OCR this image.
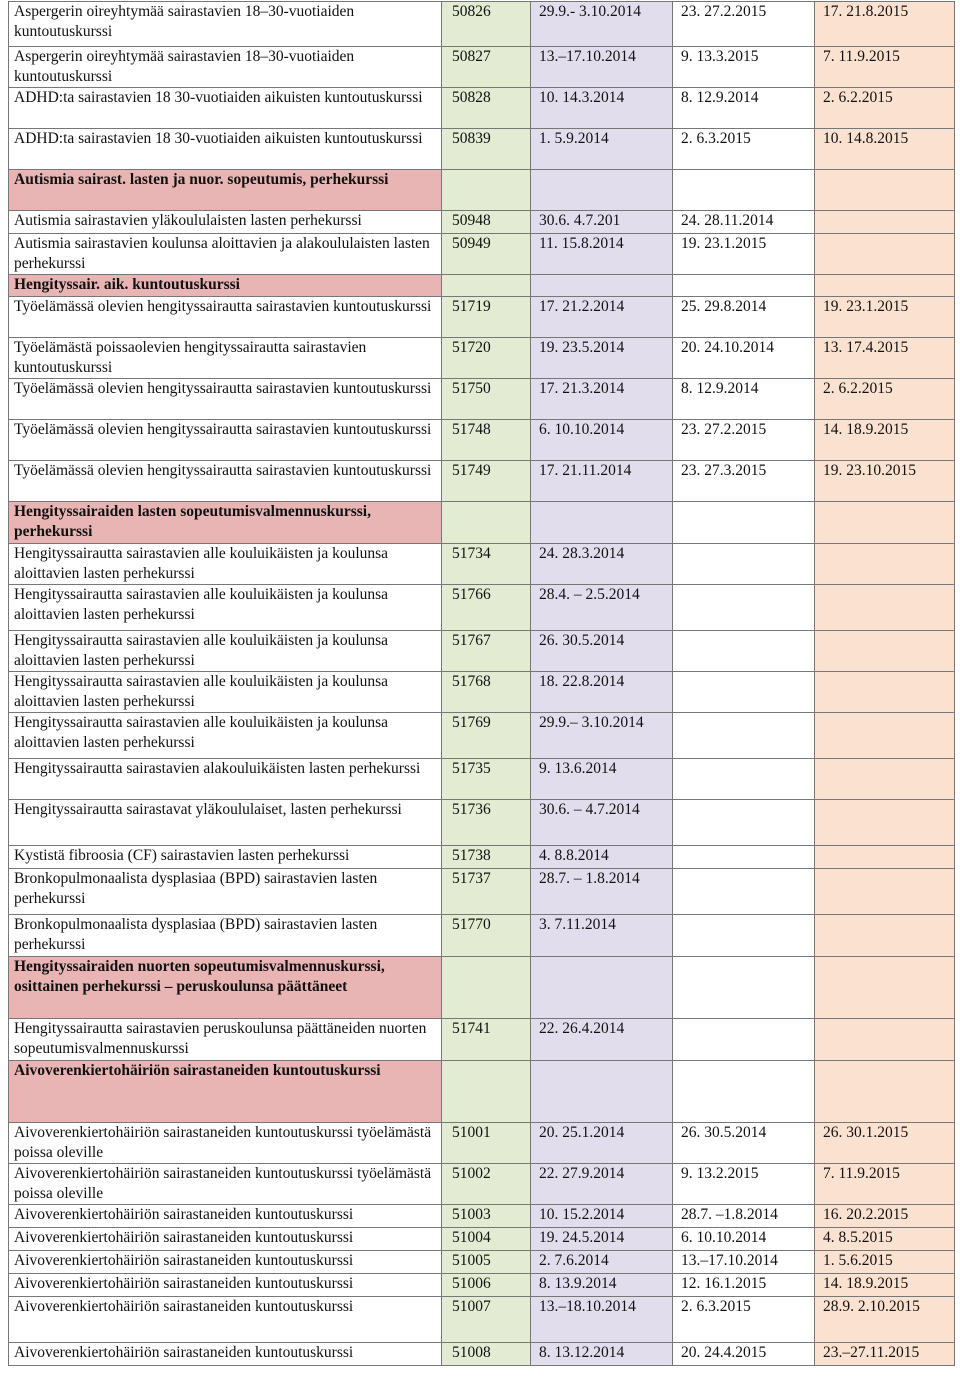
Aspergerin oireyhtymää sairastavien 18–30-vuotiaiden kuntoutuskurssi	50826	29.9.- 3.10.2014	23. 27.2.2015	17. 21.8.2015
Aspergerin oireyhtymää sairastavien 18–30-vuotiaiden kuntoutuskurssi	50827	13.–17.10.2014	9. 13.3.2015	7. 11.9.2015
ADHD:ta sairastavien 18 30-vuotiaiden aikuisten kuntoutuskurssi	50828	10. 14.3.2014	8. 12.9.2014	2. 6.2.2015
ADHD:ta sairastavien 18 30-vuotiaiden aikuisten kuntoutuskurssi	50839	1. 5.9.2014	2. 6.3.2015	10. 14.8.2015
Autismia sairast. lasten ja nuor. sopeutumis, perhekurssi				
Autismia sairastavien yläkoululaisten lasten perhekurssi	50948	30.6. 4.7.201	24. 28.11.2014	
Autismia sairastavien koulunsa aloittavien ja alakoululaisten lasten perhekurssi	50949	11. 15.8.2014	19. 23.1.2015	
Hengityssair. aik. kuntoutuskurssi				
Työelämässä olevien hengityssairautta sairastavien kuntoutuskurssi	51719	17. 21.2.2014	25. 29.8.2014	19. 23.1.2015
Työelämästä poissaolevien hengityssairautta sairastavien kuntoutuskurssi	51720	19. 23.5.2014	20. 24.10.2014	13. 17.4.2015
Työelämässä olevien hengityssairautta sairastavien kuntoutuskurssi	51750	17. 21.3.2014	8. 12.9.2014	2. 6.2.2015
Työelämässä olevien hengityssairautta sairastavien kuntoutuskurssi	51748	6. 10.10.2014	23. 27.2.2015	14. 18.9.2015
Työelämässä olevien hengityssairautta sairastavien kuntoutuskurssi	51749	17. 21.11.2014	23. 27.3.2015	19. 23.10.2015
Hengityssairaiden lasten sopeutumisvalmennuskurssi, perhekurssi				
Hengityssairautta sairastavien alle kouluikäisten ja koulunsa aloittavien lasten perhekurssi	51734	24. 28.3.2014		
Hengityssairautta sairastavien alle kouluikäisten ja koulunsa aloittavien lasten perhekurssi	51766	28.4. – 2.5.2014		
Hengityssairautta sairastavien alle kouluikäisten ja koulunsa aloittavien lasten perhekurssi	51767	26. 30.5.2014		
Hengityssairautta sairastavien alle kouluikäisten ja koulunsa aloittavien lasten perhekurssi	51768	18. 22.8.2014		
Hengityssairautta sairastavien alle kouluikäisten ja koulunsa aloittavien lasten perhekurssi	51769	29.9.– 3.10.2014		
Hengityssairautta sairastavien alakouluikäisten lasten perhekurssi	51735	9. 13.6.2014		
Hengityssairautta sairastavat yläkoululaiset, lasten perhekurssi	51736	30.6. – 4.7.2014		
Kystistä fibroosia (CF) sairastavien lasten perhekurssi	51738	4. 8.8.2014		
Bronkopulmonaalista dysplasiaa (BPD) sairastavien lasten perhekurssi	51737	28.7. – 1.8.2014		
Bronkopulmonaalista dysplasiaa (BPD) sairastavien lasten perhekurssi	51770	3. 7.11.2014		
Hengityssairaiden nuorten sopeutumisvalmennuskurssi, osittainen perhekurssi – peruskoulunsa päättäneet				
Hengityssairautta sairastavien peruskoulunsa päättäneiden nuorten sopeutumisvalmennuskurssi	51741	22. 26.4.2014		
Aivoverenkiertohäiriön sairastaneiden kuntoutuskurssi				
Aivoverenkiertohäiriön sairastaneiden kuntoutuskurssi työelämästä poissa oleville	51001	20. 25.1.2014	26. 30.5.2014	26. 30.1.2015
Aivoverenkiertohäiriön sairastaneiden kuntoutuskurssi työelämästä poissa oleville	51002	22. 27.9.2014	9. 13.2.2015	7. 11.9.2015
Aivoverenkiertohäiriön sairastaneiden kuntoutuskurssi	51003	10. 15.2.2014	28.7. –1.8.2014	16. 20.2.2015
Aivoverenkiertohäiriön sairastaneiden kuntoutuskurssi	51004	19. 24.5.2014	6. 10.10.2014	4. 8.5.2015
Aivoverenkiertohäiriön sairastaneiden kuntoutuskurssi	51005	2. 7.6.2014	13.–17.10.2014	1. 5.6.2015
Aivoverenkiertohäiriön sairastaneiden kuntoutuskurssi	51006	8. 13.9.2014	12. 16.1.2015	14. 18.9.2015
Aivoverenkiertohäiriön sairastaneiden kuntoutuskurssi	51007	13.–18.10.2014	2. 6.3.2015	28.9. 2.10.2015
Aivoverenkiertohäiriön sairastaneiden kuntoutuskurssi	51008	8. 13.12.2014	20. 24.4.2015	23.–27.11.2015
